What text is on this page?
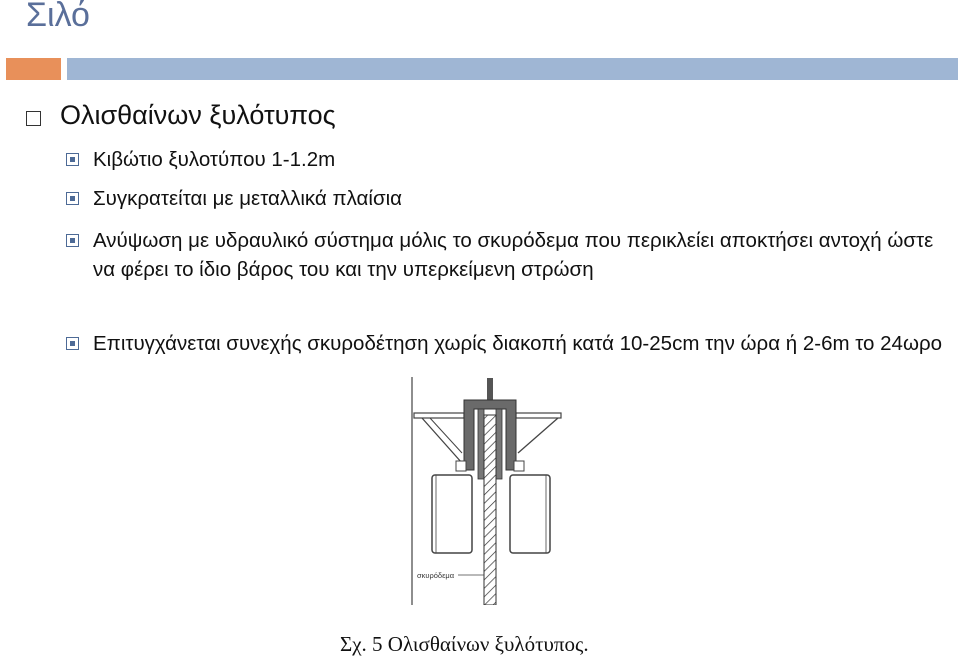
Σιλό
Ολισθαίνων ξυλότυπος
Κιβώτιο ξυλοτύπου 1-1.2m
Συγκρατείται με μεταλλικά πλαίσια
Ανύψωση με υδραυλικό σύστημα μόλις το σκυρόδεμα που περικλείει αποκτήσει αντοχή ώστε να φέρει το ίδιο βάρος του και την υπερκείμενη στρώση
Επιτυγχάνεται συνεχής σκυροδέτηση χωρίς διακοπή κατά 10-25cm την ώρα ή 2-6m το 24ωρο
σκυρόδεμα
Σχ. 5 Ολισθαίνων ξυλότυπος.
